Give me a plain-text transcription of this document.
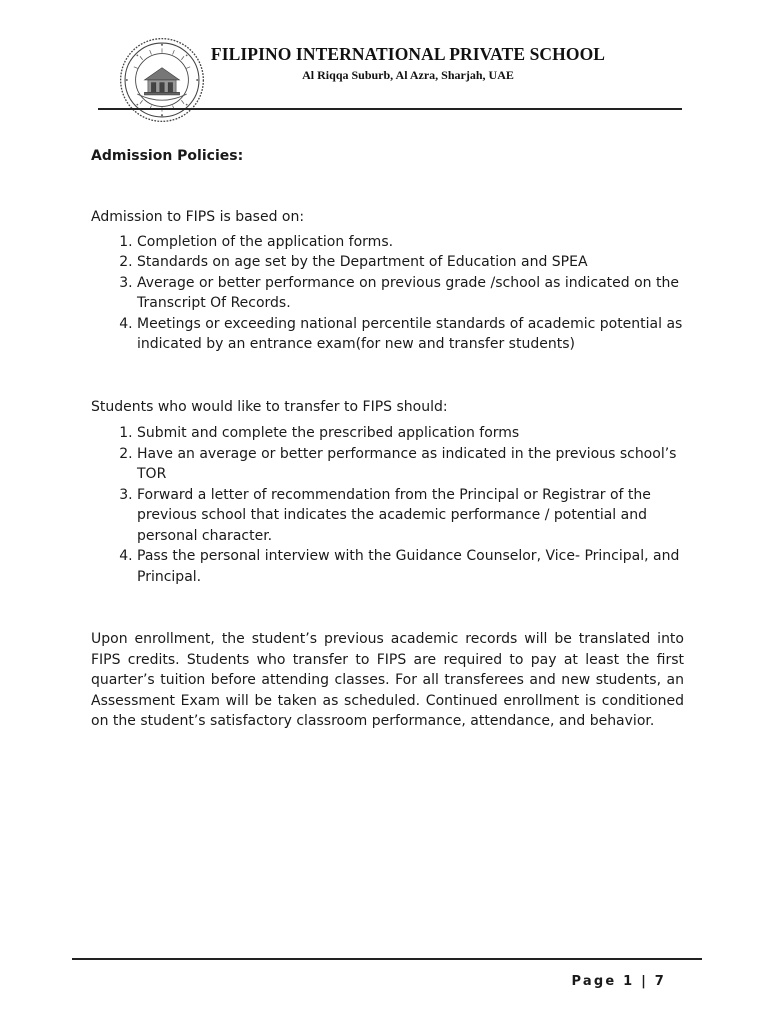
FILIPINO INTERNATIONAL PRIVATE SCHOOL
Al Riqqa Suburb, Al Azra, Sharjah, UAE

Admission Policies:

Admission to FIPS is based on:

1. Completion of the application forms.
2. Standards on age set by the Department of Education and SPEA
3. Average or better performance on previous grade /school as indicated on the Transcript Of Records.
4. Meetings or exceeding national percentile standards of academic potential as indicated by an entrance exam(for new and transfer students)

Students who would like to transfer to FIPS should:

1. Submit and complete the prescribed application forms
2. Have an average or better performance as indicated in the previous school’s TOR
3. Forward a letter of recommendation from the Principal or Registrar of the previous school that indicates the academic performance / potential and personal character.
4. Pass the personal interview with the Guidance Counselor, Vice- Principal, and Principal.

Upon enrollment, the student’s previous academic records will be translated into FIPS credits. Students who transfer to FIPS are required to pay at least the first quarter’s tuition before attending classes. For all transferees and new students, an Assessment Exam will be taken as scheduled. Continued enrollment is conditioned on the student’s satisfactory classroom performance, attendance, and behavior.

Page 1 | 7
